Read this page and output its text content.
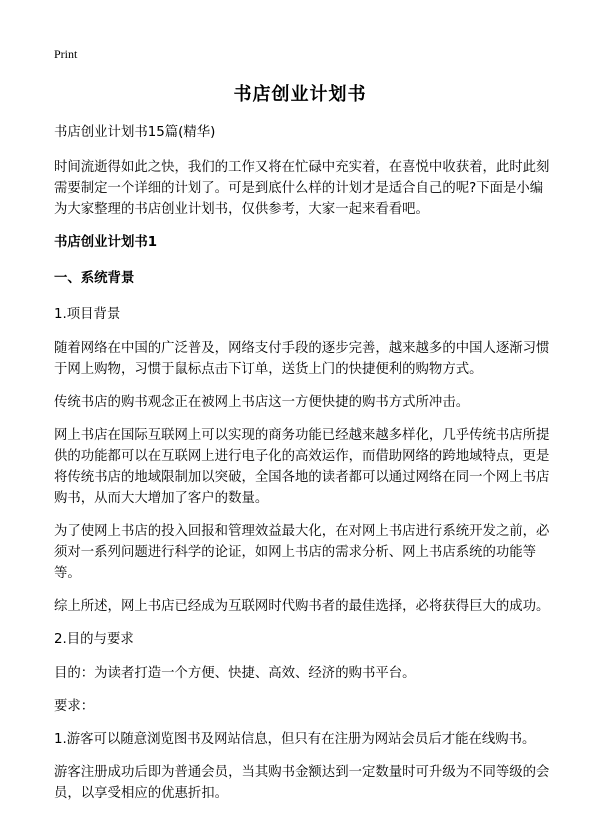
Print
书店创业计划书

书店创业计划书15篇(精华)

时间流逝得如此之快，我们的工作又将在忙碌中充实着，在喜悦中收获着，此时此刻需要制定一个详细的计划了。可是到底什么样的计划才是适合自己的呢?下面是小编为大家整理的书店创业计划书，仅供参考，大家一起来看看吧。

书店创业计划书1

一、系统背景

1.项目背景

随着网络在中国的广泛普及，网络支付手段的逐步完善，越来越多的中国人逐渐习惯于网上购物，习惯于鼠标点击下订单，送货上门的快捷便利的购物方式。

传统书店的购书观念正在被网上书店这一方便快捷的购书方式所冲击。

网上书店在国际互联网上可以实现的商务功能已经越来越多样化，几乎传统书店所提供的功能都可以在互联网上进行电子化的高效运作，而借助网络的跨地域特点，更是将传统书店的地域限制加以突破，全国各地的读者都可以通过网络在同一个网上书店购书，从而大大增加了客户的数量。

为了使网上书店的投入回报和管理效益最大化，在对网上书店进行系统开发之前，必须对一系列问题进行科学的论证，如网上书店的需求分析、网上书店系统的功能等等。

综上所述，网上书店已经成为互联网时代购书者的最佳选择，必将获得巨大的成功。

2.目的与要求

目的：为读者打造一个方便、快捷、高效、经济的购书平台。

要求：

1.游客可以随意浏览图书及网站信息，但只有在注册为网站会员后才能在线购书。

游客注册成功后即为普通会员，当其购书金额达到一定数量时可升级为不同等级的会员，以享受相应的优惠折扣。
